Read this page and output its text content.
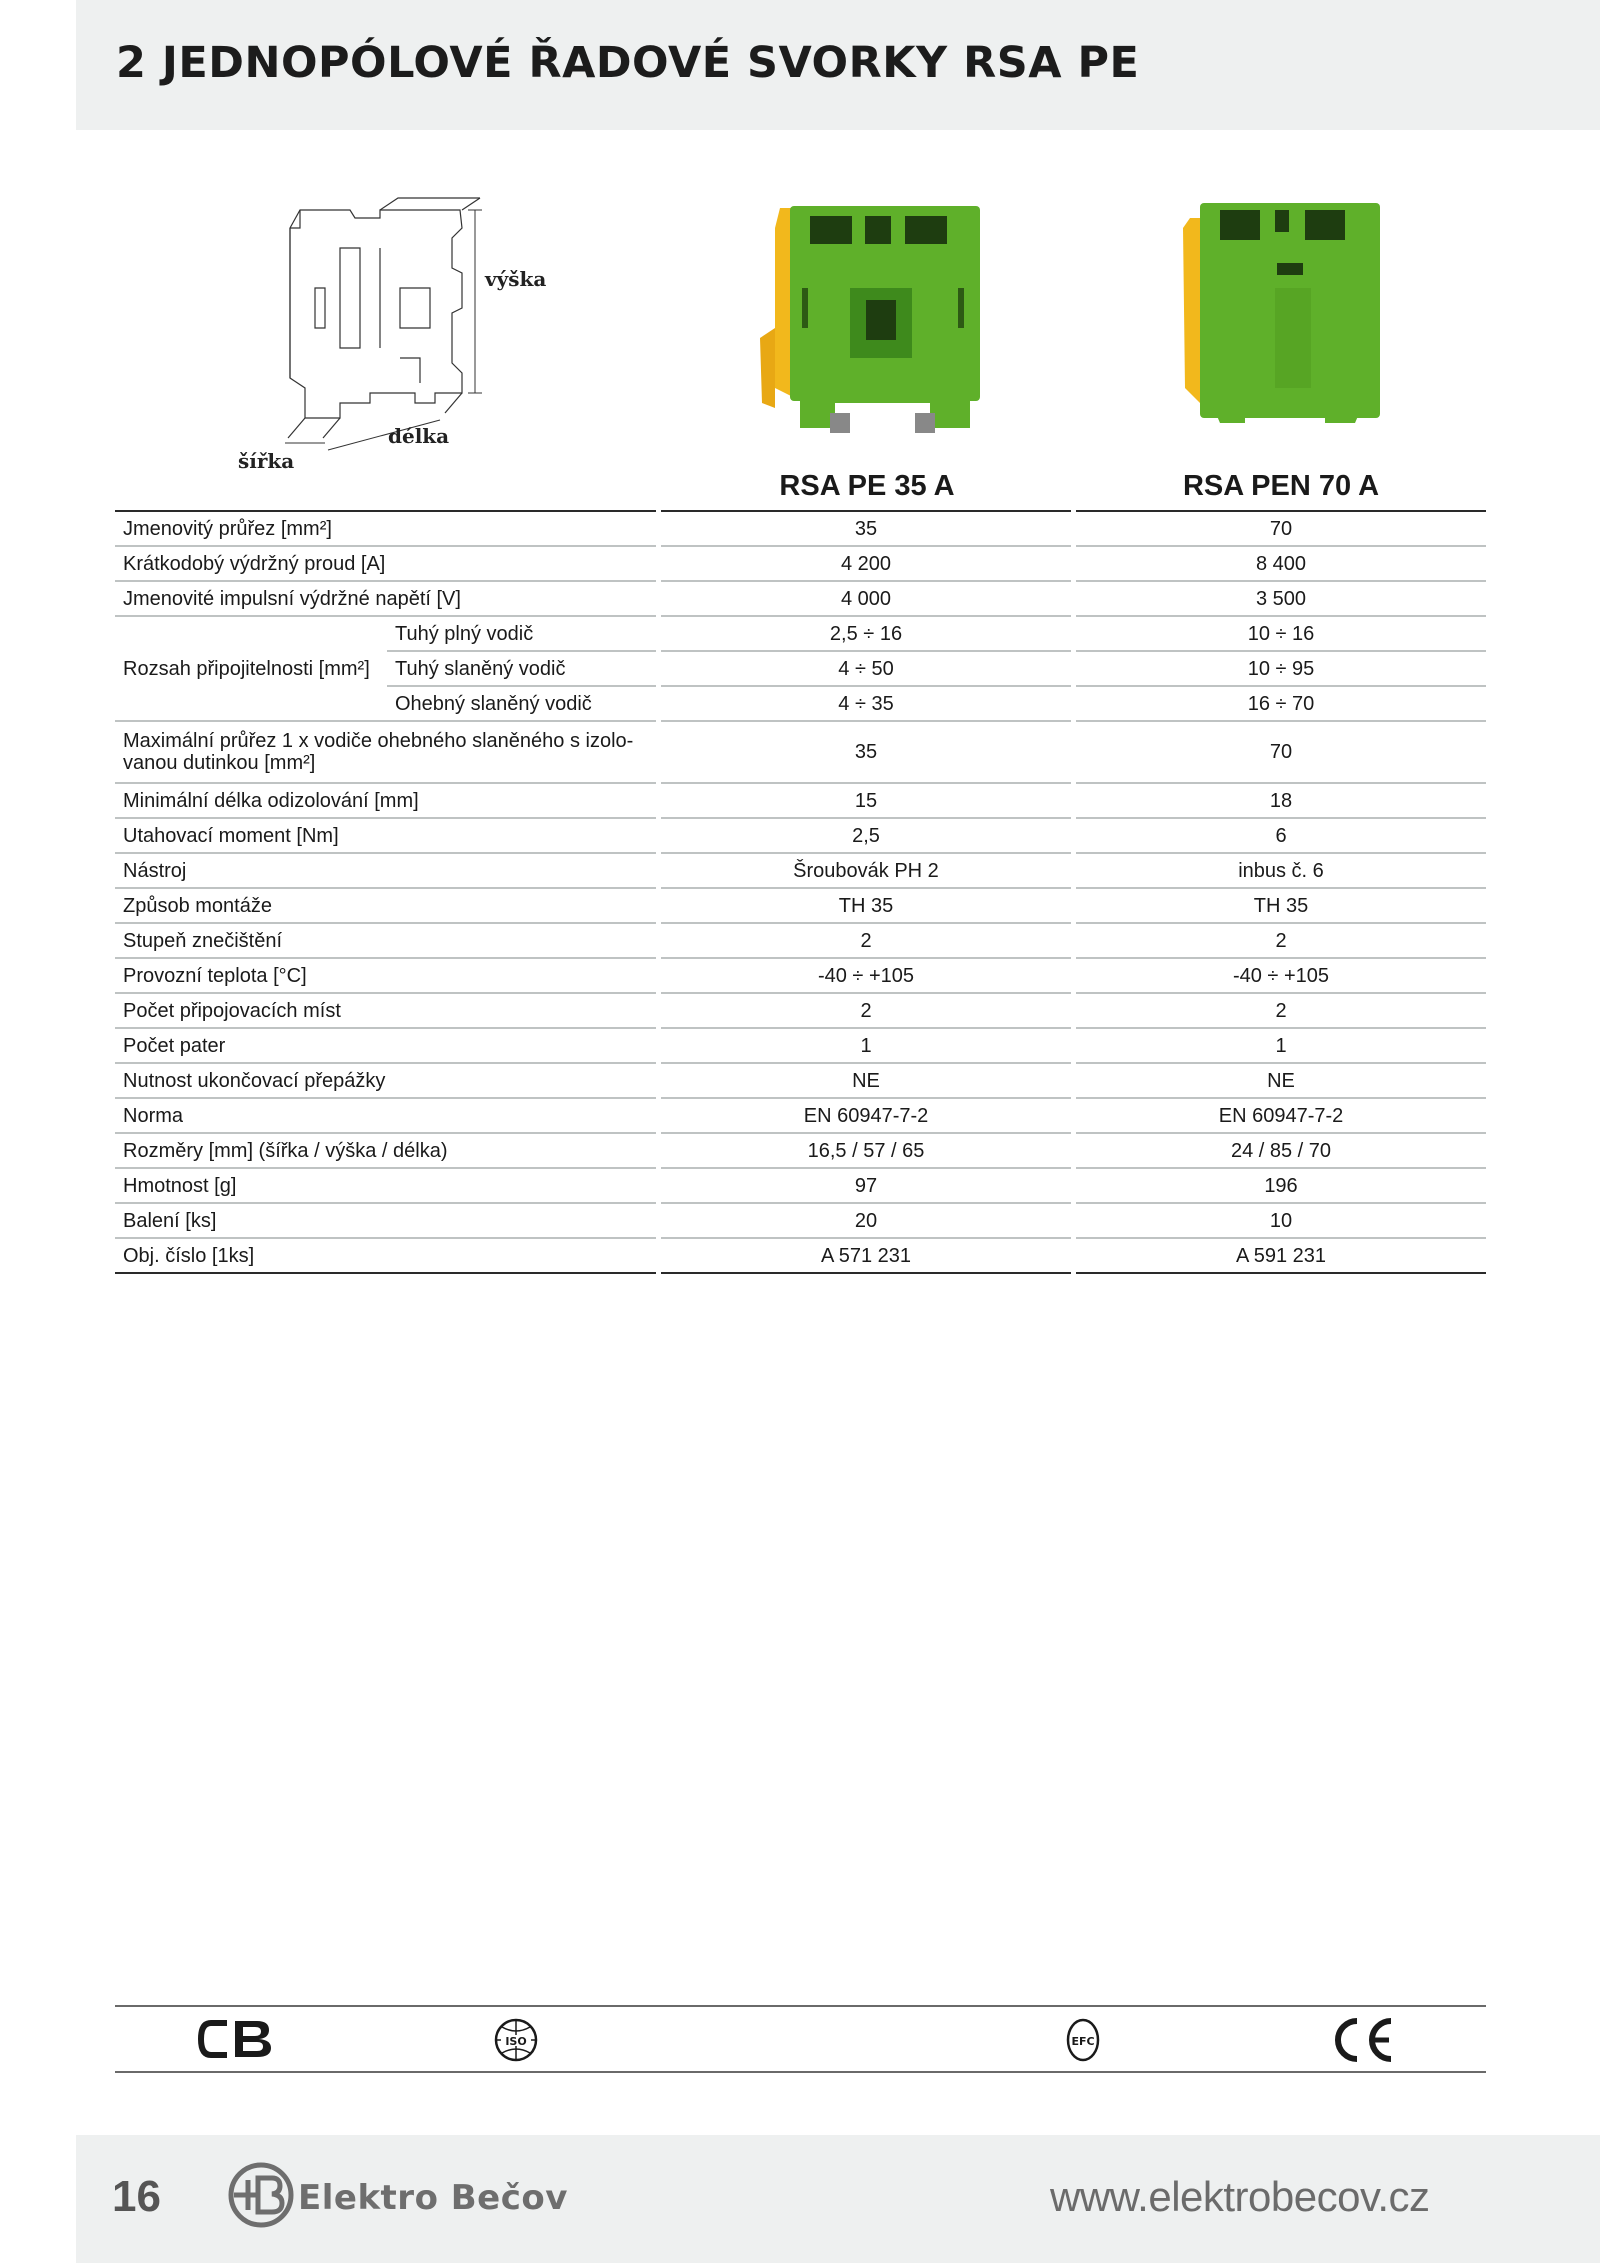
2 JEDNOPÓLOVÉ ŘADOVÉ SVORKY RSA PE
výška
šířka
délka
RSA PE 35 A	RSA PEN 70 A
Jmenovitý průřez [mm²]			35		70
Krátkodobý výdržný proud [A]			4 200		8 400
Jmenovité impulsní výdržné napětí [V]			4 000		3 500
Rozsah připojitelnosti [mm²]	Tuhý plný vodič		2,5 ÷ 16		10 ÷ 16
	Tuhý slaněný vodič		4 ÷ 50		10 ÷ 95
	Ohebný slaněný vodič		4 ÷ 35		16 ÷ 70

Maximální průřez 1 x vodiče ohebného slaněného s izolo-
vanou dutinkou [mm²]			35		70
Minimální délka odizolování [mm]			15		18
Utahovací moment [Nm]			2,5		6
Nástroj			Šroubovák PH 2		inbus č. 6
Způsob montáže			TH 35		TH 35
Stupeň znečištění			2		2
Provozní teplota [°C]			-40 ÷ +105		-40 ÷ +105
Počet připojovacích míst			2		2
Počet pater			1		1
Nutnost ukončovací přepážky			NE		NE
Norma			EN 60947-7-2		EN 60947-7-2
Rozměry [mm] (šířka / výška / délka)			16,5 / 57 / 65		24 / 85 / 70
Hmotnost [g]			97		196
Balení [ks]			20		10
Obj. číslo [1ks]			A 571 231		A 591 231
ISO	EFC
16	Elektro Bečov	www.elektrobecov.cz
